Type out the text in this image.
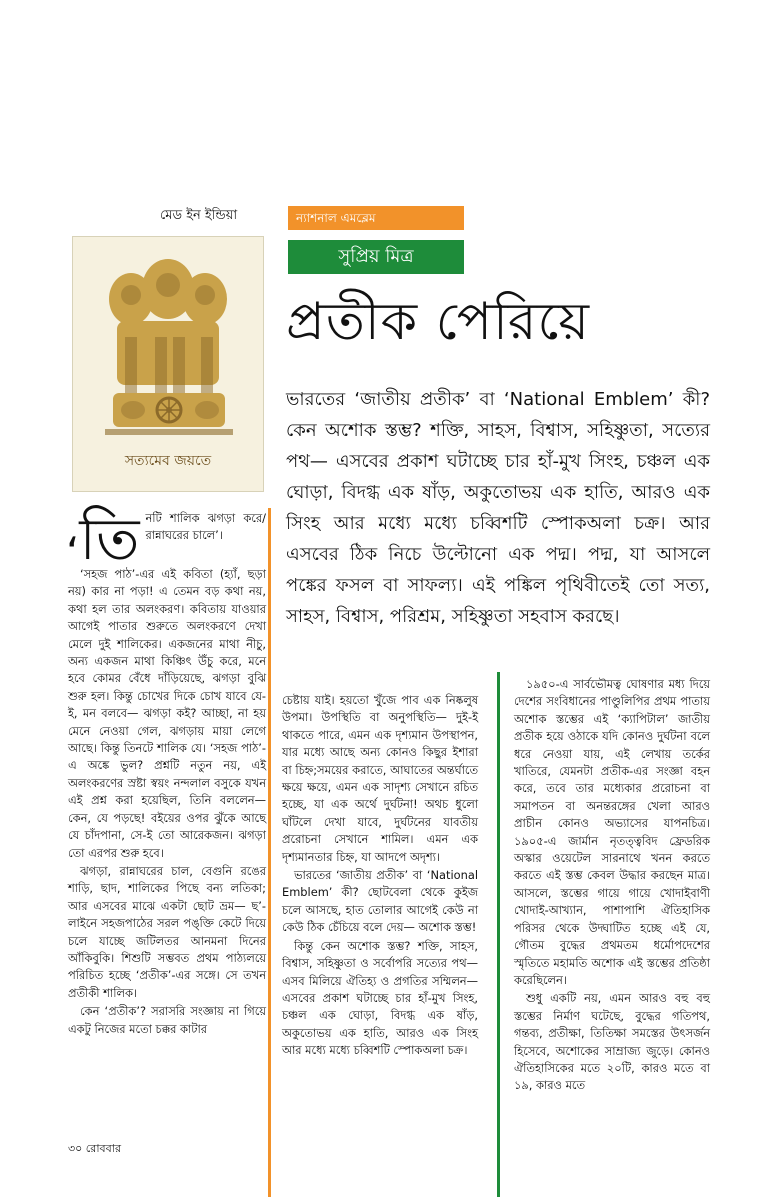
মেড ইন ইন্ডিয়া	ন্যাশনাল এমব্লেম
সুপ্রিয় মিত্র
প্রতীক পেরিয়ে
সত্যমেব জয়তে
ভারতের ‘জাতীয় প্রতীক’ বা ‘National Emblem’ কী? কেন অশোক স্তম্ভ? শক্তি, সাহস, বিশ্বাস, সহিষ্ণুতা, সত্যের পথ— এসবের প্রকাশ ঘটাচ্ছে চার হাঁ-মুখ সিংহ, চঞ্চল এক ঘোড়া, বিদগ্ধ এক ষাঁড়, অকুতোভয় এক হাতি, আরও এক সিংহ আর মধ্যে মধ্যে চব্বিশটি স্পোকঅলা চক্র। আর এসবের ঠিক নিচে উল্টোনো এক পদ্ম। পদ্ম, যা আসলে পঙ্কের ফসল বা সাফল্য। এই পঙ্কিল পৃথিবীতেই তো সত্য, সাহস, বিশ্বাস, পরিশ্রম, সহিষ্ণুতা সহবাস করছে।

‘তি নটি শালিক ঝগড়া করে/ রান্নাঘরের চালে’।

‘সহজ পাঠ’-এর এই কবিতা (হ্যাঁ, ছড়া নয়) কার না পড়া! এ তেমন বড় কথা নয়, কথা হল তার অলংকরণ। কবিতায় যাওয়ার আগেই পাতার শুরুতে অলংকরণে দেখা মেলে দুই শালিকের। একজনের মাথা নীচু, অন্য একজন মাথা কিঞ্চিৎ উঁচু করে, মনে হবে কোমর বেঁধে দাঁড়িয়েছে, ঝগড়া বুঝি শুরু হল। কিন্তু চোখের দিকে চোখ যাবে যে-ই, মন বলবে— ঝগড়া কই? আচ্ছা, না হয় মেনে নেওয়া গেল, ঝগড়ায় মায়া লেগে আছে। কিন্তু তিনটে শালিক যে। ‘সহজ পাঠ’-এ অঙ্কে ভুল? প্রশ্নটি নতুন নয়, এই অলংকরণের স্রষ্টা স্বয়ং নন্দলাল বসুকে যখন এই প্রশ্ন করা হয়েছিল, তিনি বললেন— কেন, যে পড়ছে! বইয়ের ওপর ঝুঁকে আছে যে চাঁদপানা, সে-ই তো আরেকজন। ঝগড়া তো এরপর শুরু হবে।

ঝগড়া, রান্নাঘরের চাল, বেগুনি রঙের শাড়ি, ছাদ, শালিকের পিছে বন্য লতিকা; আর এসবের মাঝে একটা ছোট ভ্রম— ছ’-লাইনে সহজপাঠের সরল পঙ্‌ক্তি কেটে দিয়ে চলে যাচ্ছে জটিলতর আনমনা দিনের আঁকিবুকি। শিশুটি সম্ভবত প্রথম পাঠ্যলয়ে পরিচিত হচ্ছে ‘প্রতীক’-এর সঙ্গে। সে তখন প্রতীকী শালিক।

কেন ‘প্রতীক’? সরাসরি সংজ্ঞায় না গিয়ে একটু নিজের মতো চক্কর কাটার

চেষ্টায় যাই। হয়তো খুঁজে পাব এক নিষ্কলুষ উপমা। উপস্থিতি বা অনুপস্থিতি— দুই-ই থাকতে পারে, এমন এক দৃশ্যমান উপস্থাপন, যার মধ্যে আছে অন্য কোনও কিছুর ইশারা বা চিহ্ন;সময়ের করাতে, আঘাতের অন্তর্ঘাতে ক্ষয়ে ক্ষয়ে, এমন এক সাদৃশ্য সেখানে রচিত হচ্ছে, যা এক অর্থে দুর্ঘটনা! অথচ ধুলো ঘাঁটলে দেখা যাবে, দুর্ঘটনের যাবতীয় প্ররোচনা সেখানে শামিল। এমন এক দৃশ্যমানতার চিহ্ন, যা আদপে অদৃশ্য।

ভারতের ‘জাতীয় প্রতীক’ বা ‘National Emblem’ কী? ছোটবেলা থেকে কুইজ চলে আসছে, হাত তোলার আগেই কেউ না কেউ ঠিক চেঁচিয়ে বলে দেয়— অশোক স্তম্ভ!

কিন্তু কেন অশোক স্তম্ভ? শক্তি, সাহস, বিশ্বাস, সহিষ্ণুতা ও সর্বোপরি সত্যের পথ— এসব মিলিয়ে ঐতিহ্য ও প্রগতির সম্মিলন— এসবের প্রকাশ ঘটাচ্ছে চার হাঁ-মুখ সিংহ, চঞ্চল এক ঘোড়া, বিদগ্ধ এক ষাঁড়, অকুতোভয় এক হাতি, আরও এক সিংহ আর মধ্যে মধ্যে চব্বিশটি স্পোকঅলা চক্র।

১৯৫০-এ সার্বভৌমত্ব ঘোষণার মধ্য দিয়ে দেশের সংবিধানের পাণ্ডুলিপির প্রথম পাতায় অশোক স্তম্ভের এই ‘ক্যাপিটাল’ জাতীয় প্রতীক হয়ে ওঠাকে যদি কোনও দুর্ঘটনা বলে ধরে নেওয়া যায়, এই লেখায় তর্কের খাতিরে, যেমনটা প্রতীক-এর সংজ্ঞা বহন করে, তবে তার মধ্যেকার প্ররোচনা বা সমাপতন বা অনন্তরঙ্গের খেলা আরও প্রাচীন কোনও অভ্যাসের যাপনচিত্র। ১৯০৫-এ জার্মান নৃতত্ত্ববিদ ফ্রেডরিক অস্কার ওয়েটেল সারনাথে খনন করতে করতে এই স্তম্ভ কেবল উদ্ধার করছেন মাত্র। আসলে, স্তম্ভের গায়ে গায়ে খোদাইবাণী খোদাই-আখ্যান, পাশাপাশি ঐতিহাসিক পরিসর থেকে উদ্ঘাটিত হচ্ছে এই যে, গৌতম বুদ্ধের প্রথমতম ধর্মোপদেশের স্মৃতিতে মহামতি অশোক এই স্তম্ভের প্রতিষ্ঠা করেছিলেন।

শুধু একটি নয়, এমন আরও বহু বহু স্তম্ভের নির্মাণ ঘটেছে, বুদ্ধের গতিপথ, গন্তব্য, প্রতীক্ষা, তিতিক্ষা সমস্তের উৎসর্জন হিসেবে, অশোকের সাম্রাজ্য জুড়ে। কোনও ঐতিহাসিকের মতে ২০টি, কারও মতে বা ১৯, কারও মতে

৩০ রোববার
